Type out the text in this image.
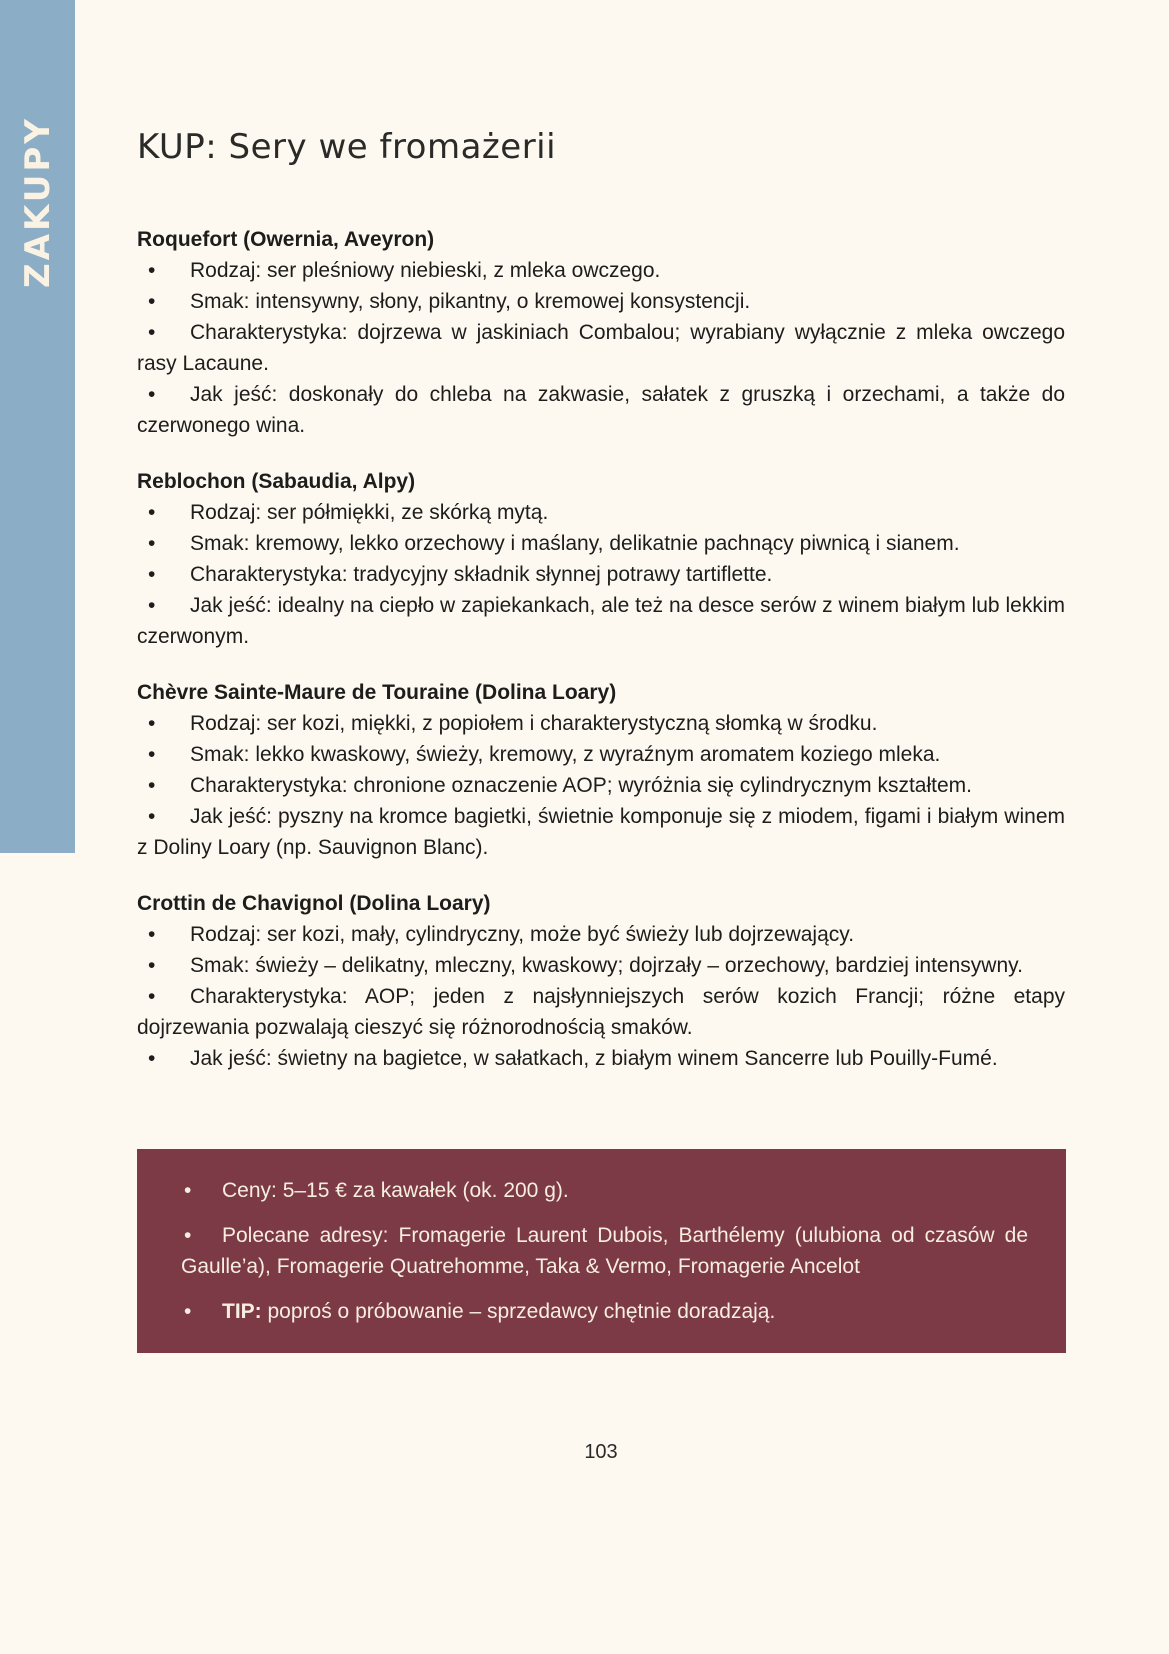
ZAKUPY KUP: Sery we fromażerii
Roquefort (Owernia, Aveyron)

• Rodzaj: ser pleśniowy niebieski, z mleka owczego.

• Smak: intensywny, słony, pikantny, o kremowej konsystencji.

• Charakterystyka: dojrzewa w jaskiniach Combalou; wyrabiany wyłącznie z mleka owczego rasy Lacaune.

• Jak jeść: doskonały do chleba na zakwasie, sałatek z gruszką i orzechami, a także do czerwonego wina.

Reblochon (Sabaudia, Alpy)

• Rodzaj: ser półmiękki, ze skórką mytą.

• Smak: kremowy, lekko orzechowy i maślany, delikatnie pachnący piwnicą i sianem.

• Charakterystyka: tradycyjny składnik słynnej potrawy tartiflette.

• Jak jeść: idealny na ciepło w zapiekankach, ale też na desce serów z winem białym lub lekkim czerwonym.

Chèvre Sainte-Maure de Touraine (Dolina Loary)

• Rodzaj: ser kozi, miękki, z popiołem i charakterystyczną słomką w środku.

• Smak: lekko kwaskowy, świeży, kremowy, z wyraźnym aromatem koziego mleka.

• Charakterystyka: chronione oznaczenie AOP; wyróżnia się cylindrycznym kształtem.

• Jak jeść: pyszny na kromce bagietki, świetnie komponuje się z miodem, figami i białym winem z Doliny Loary (np. Sauvignon Blanc).

Crottin de Chavignol (Dolina Loary)

• Rodzaj: ser kozi, mały, cylindryczny, może być świeży lub dojrzewający.

• Smak: świeży – delikatny, mleczny, kwaskowy; dojrzały – orzechowy, bardziej intensywny.

• Charakterystyka: AOP; jeden z najsłynniejszych serów kozich Francji; różne etapy dojrzewania pozwalają cieszyć się różnorodnością smaków.

• Jak jeść: świetny na bagietce, w sałatkach, z białym winem Sancerre lub Pouilly-Fumé.

• Ceny: 5–15 € za kawałek (ok. 200 g).

• Polecane adresy: Fromagerie Laurent Dubois, Barthélemy (ulubiona od czasów de Gaulle’a), Fromagerie Quatrehomme, Taka & Vermo, Fromagerie Ancelot

• TIP: poproś o próbowanie – sprzedawcy chętnie doradzają.

103
